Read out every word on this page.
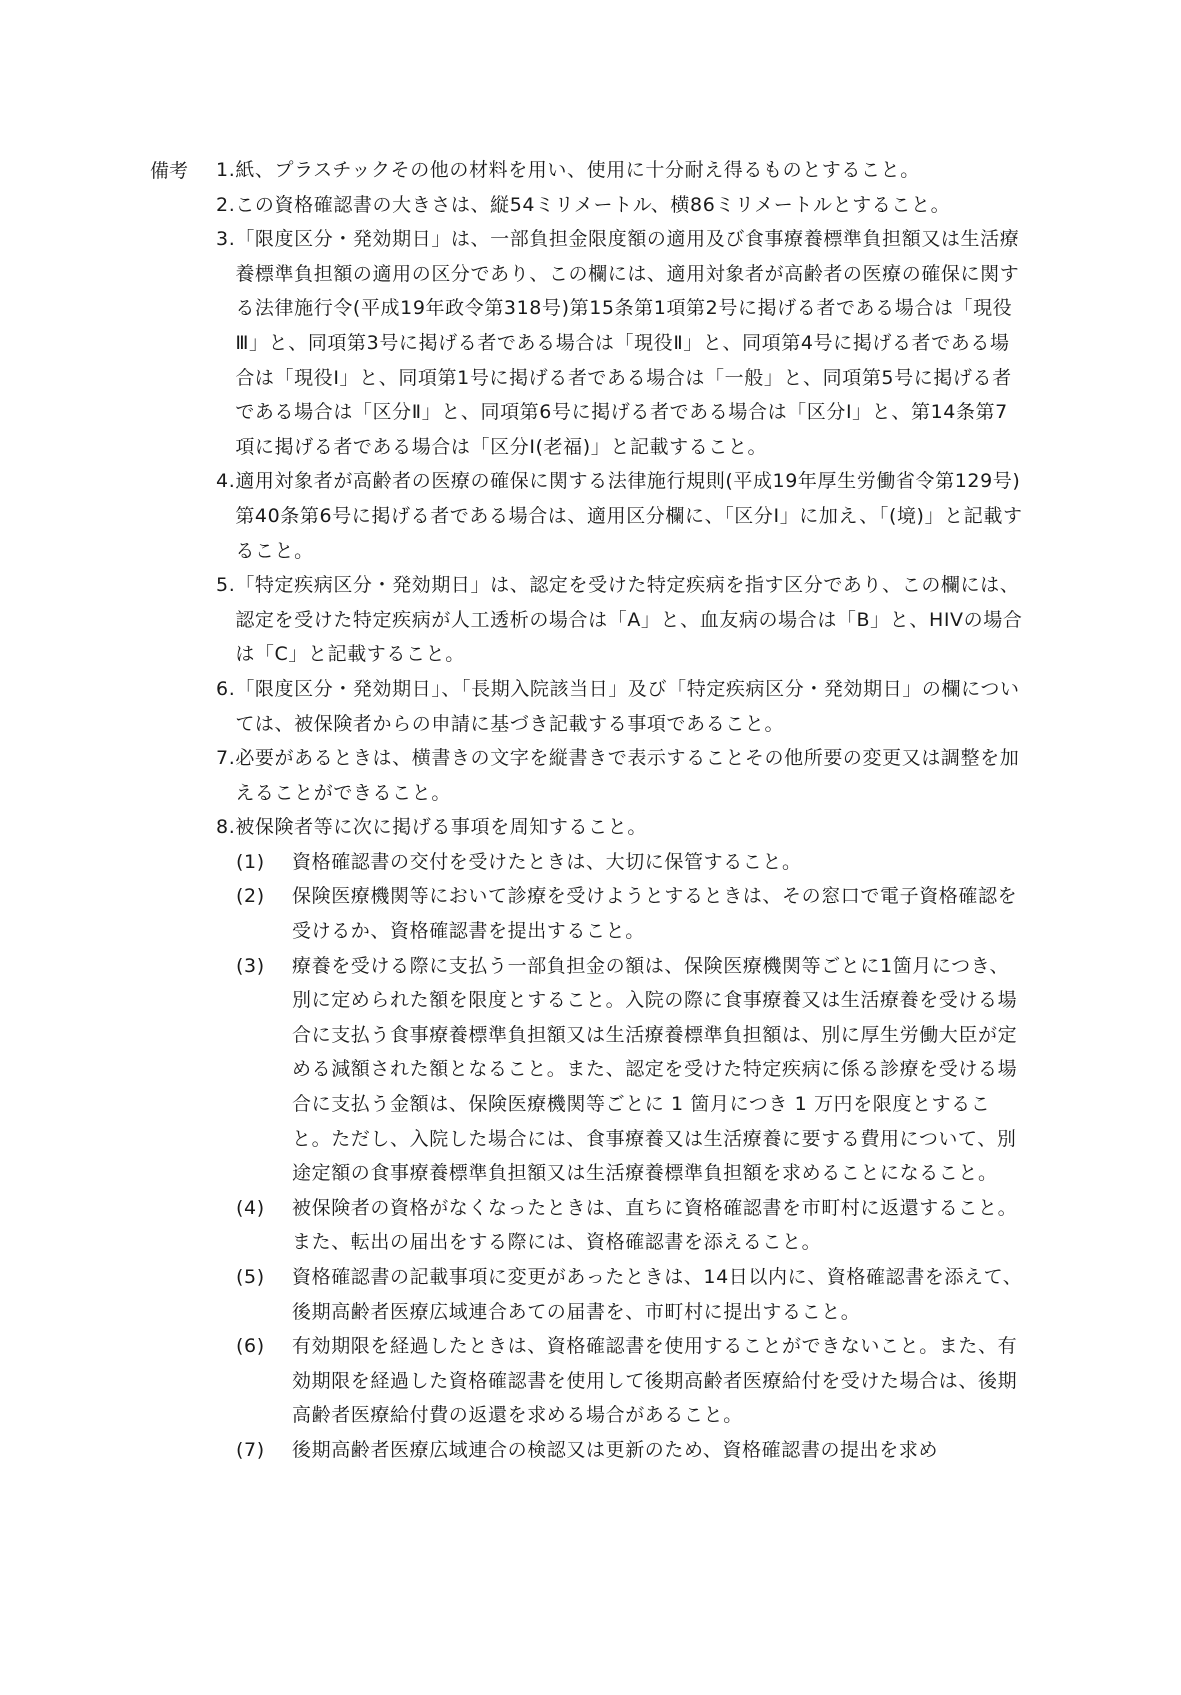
備考 1. 紙、プラスチックその他の材料を用い、使用に十分耐え得るものとすること。
2. この資格確認書の大きさは、縦54ミリメートル、横86ミリメートルとすること。
3. 「限度区分・発効期日」は、一部負担金限度額の適用及び食事療養標準負担額又は生活療養標準負担額の適用の区分であり、この欄には、適用対象者が高齢者の医療の確保に関する法律施行令(平成19年政令第318号)第15条第1項第2号に掲げる者である場合は「現役Ⅲ」と、同項第3号に掲げる者である場合は「現役Ⅱ」と、同項第4号に掲げる者である場合は「現役Ⅰ」と、同項第1号に掲げる者である場合は「一般」と、同項第5号に掲げる者である場合は「区分Ⅱ」と、同項第6号に掲げる者である場合は「区分Ⅰ」と、第14条第7項に掲げる者である場合は「区分Ⅰ(老福)」と記載すること。
4. 適用対象者が高齢者の医療の確保に関する法律施行規則(平成19年厚生労働省令第129号)第40条第6号に掲げる者である場合は、適用区分欄に、「区分Ⅰ」に加え、「(境)」と記載すること。
5. 「特定疾病区分・発効期日」は、認定を受けた特定疾病を指す区分であり、この欄には、認定を受けた特定疾病が人工透析の場合は「A」と、血友病の場合は「B」と、HIVの場合は「C」と記載すること。
6. 「限度区分・発効期日」、「長期入院該当日」及び「特定疾病区分・発効期日」の欄については、被保険者からの申請に基づき記載する事項であること。
7. 必要があるときは、横書きの文字を縦書きで表示することその他所要の変更又は調整を加えることができること。
8. 被保険者等に次に掲げる事項を周知すること。
(1)	資格確認書の交付を受けたときは、大切に保管すること。
(2)	保険医療機関等において診療を受けようとするときは、その窓口で電子資格確認を受けるか、資格確認書を提出すること。
(3)	療養を受ける際に支払う一部負担金の額は、保険医療機関等ごとに1箇月につき、別に定められた額を限度とすること。入院の際に食事療養又は生活療養を受ける場合に支払う食事療養標準負担額又は生活療養標準負担額は、別に厚生労働大臣が定める減額された額となること。また、認定を受けた特定疾病に係る診療を受ける場合に支払う金額は、保険医療機関等ごとに 1 箇月につき 1 万円を限度とすること。ただし、入院した場合には、食事療養又は生活療養に要する費用について、別途定額の食事療養標準負担額又は生活療養標準負担額を求めることになること。
(4)	被保険者の資格がなくなったときは、直ちに資格確認書を市町村に返還すること。また、転出の届出をする際には、資格確認書を添えること。
(5)	資格確認書の記載事項に変更があったときは、14日以内に、資格確認書を添えて、後期高齢者医療広域連合あての届書を、市町村に提出すること。
(6)	有効期限を経過したときは、資格確認書を使用することができないこと。また、有効期限を経過した資格確認書を使用して後期高齢者医療給付を受けた場合は、後期高齢者医療給付費の返還を求める場合があること。
(7)	後期高齢者医療広域連合の検認又は更新のため、資格確認書の提出を求め
